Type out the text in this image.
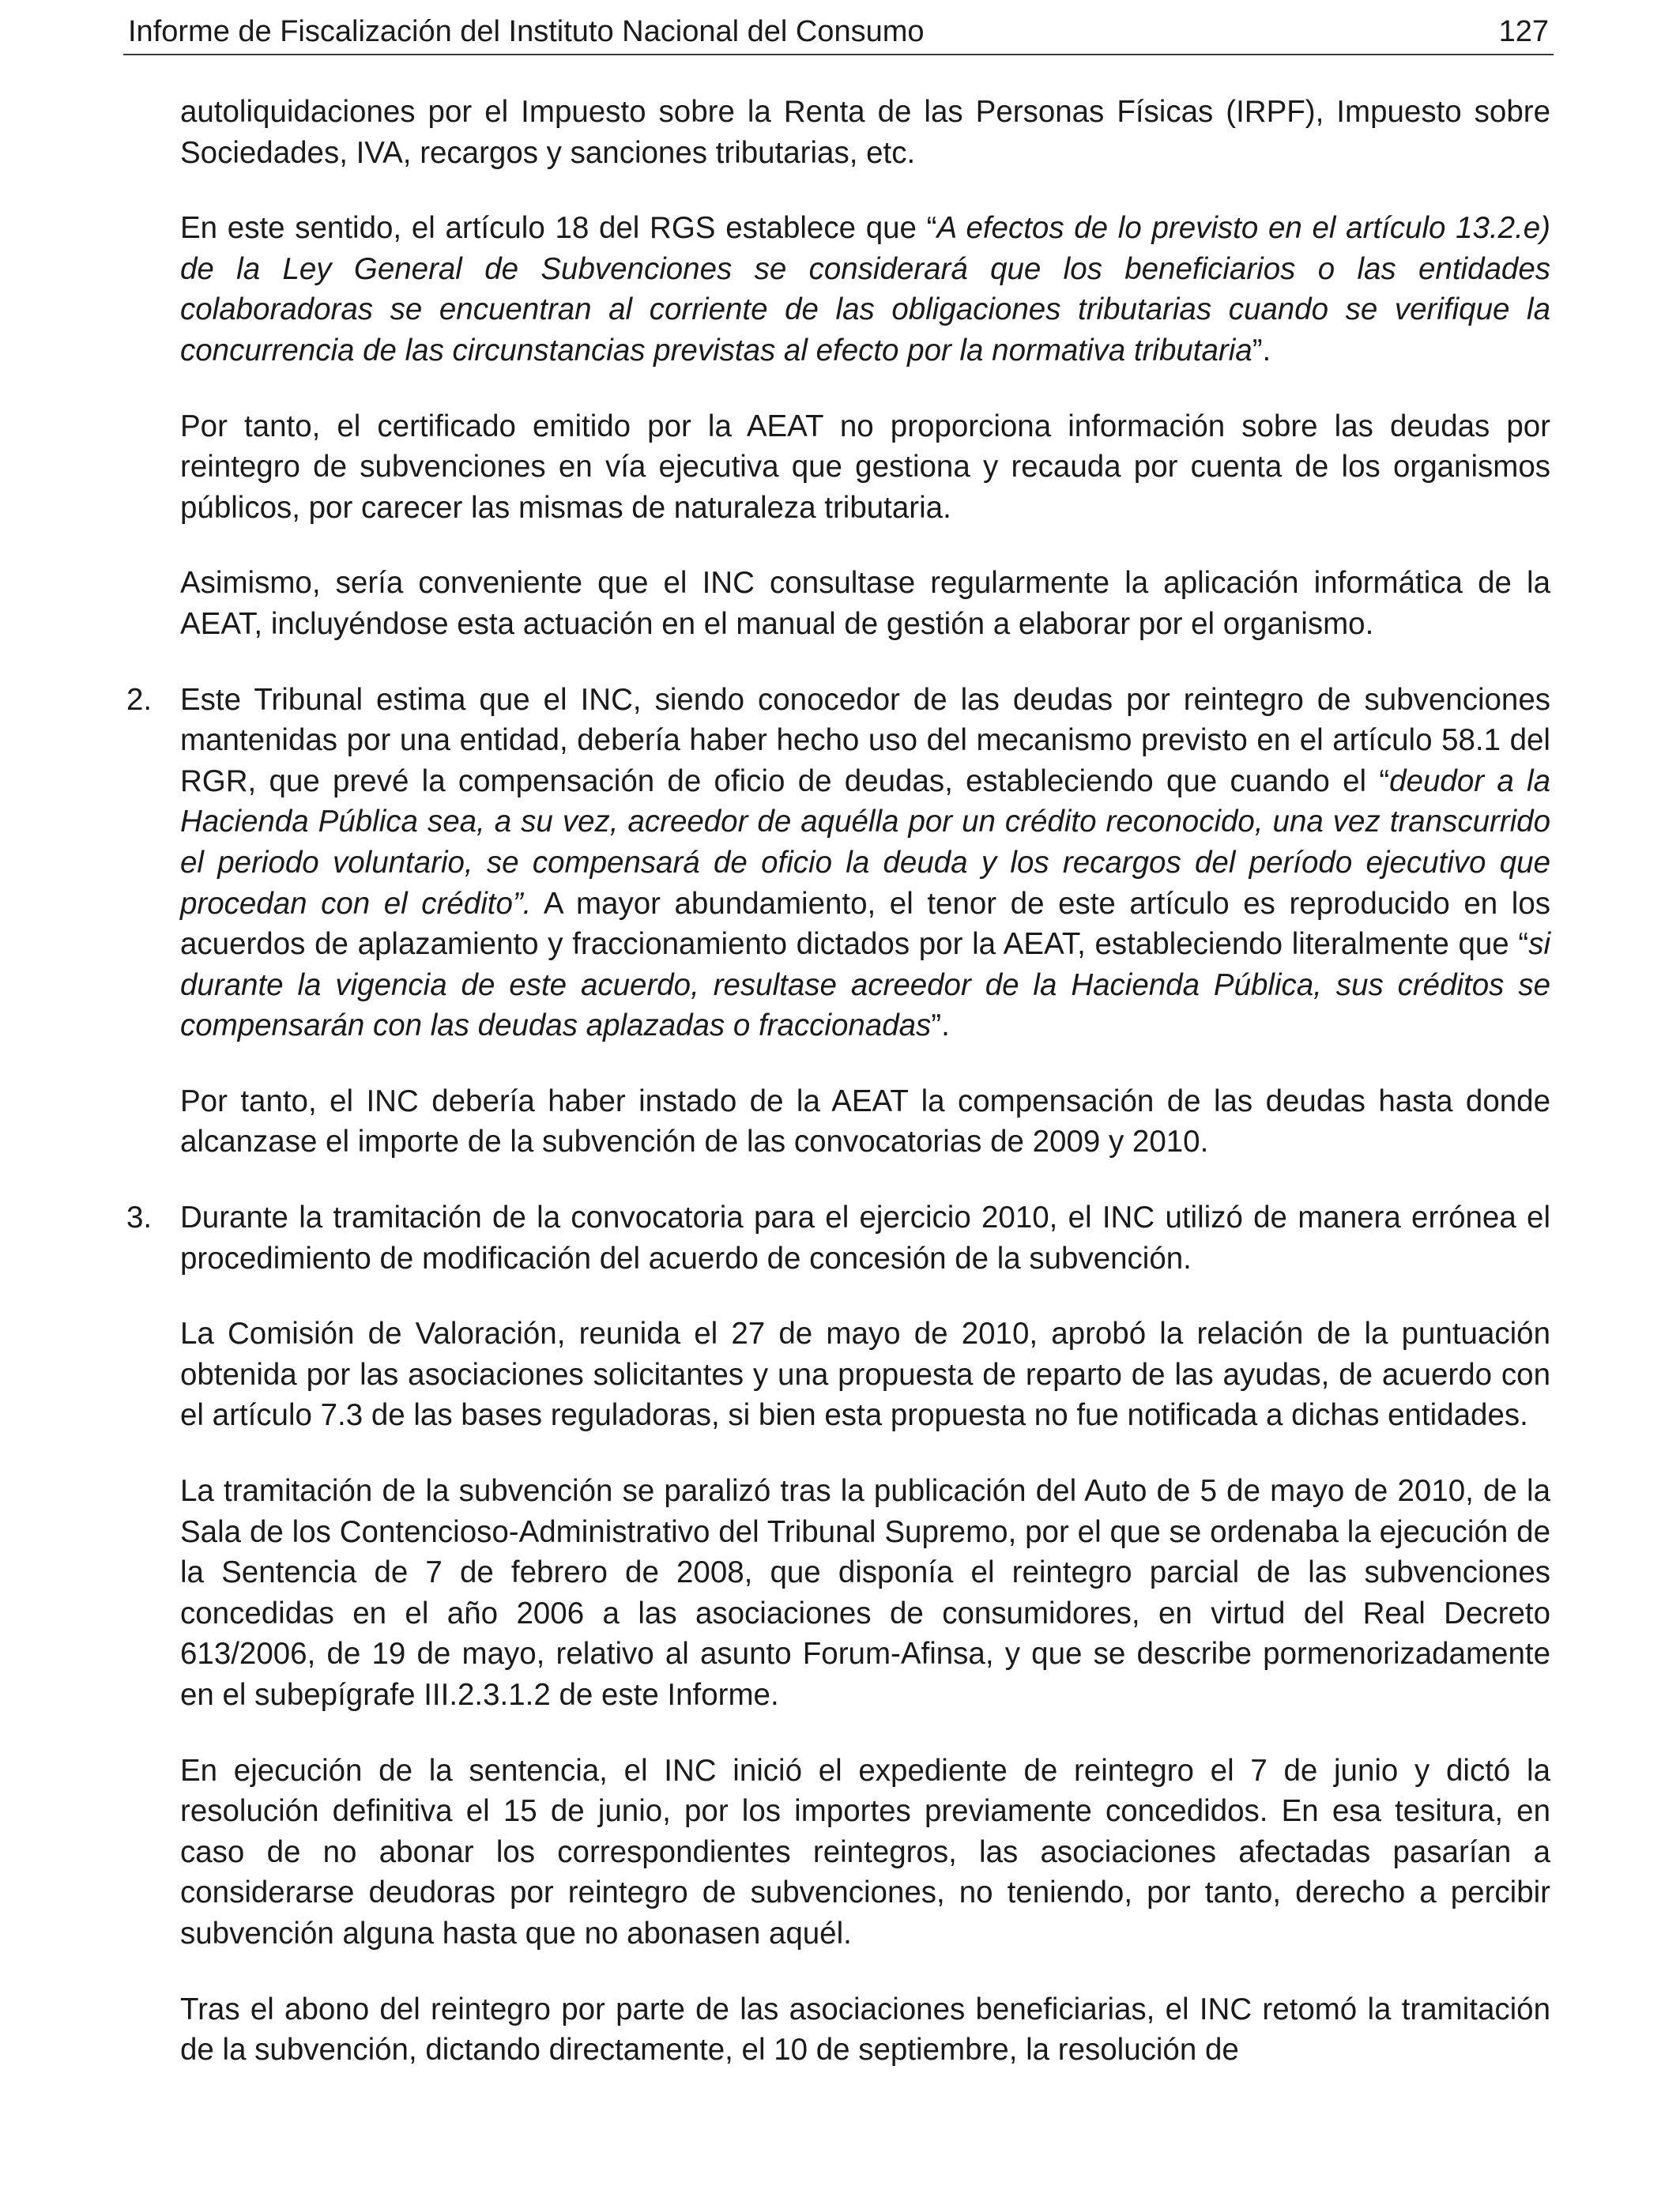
Informe de Fiscalización del Instituto Nacional del Consumo	127

autoliquidaciones por el Impuesto sobre la Renta de las Personas Físicas (IRPF), Impuesto sobre Sociedades, IVA, recargos y sanciones tributarias, etc.

En este sentido, el artículo 18 del RGS establece que “A efectos de lo previsto en el artículo 13.2.e) de la Ley General de Subvenciones se considerará que los beneficiarios o las entidades colaboradoras se encuentran al corriente de las obligaciones tributarias cuando se verifique la concurrencia de las circunstancias previstas al efecto por la normativa tributaria”.

Por tanto, el certificado emitido por la AEAT no proporciona información sobre las deudas por reintegro de subvenciones en vía ejecutiva que gestiona y recauda por cuenta de los organismos públicos, por carecer las mismas de naturaleza tributaria.

Asimismo, sería conveniente que el INC consultase regularmente la aplicación informática de la AEAT, incluyéndose esta actuación en el manual de gestión a elaborar por el organismo.

2. Este Tribunal estima que el INC, siendo conocedor de las deudas por reintegro de subvenciones mantenidas por una entidad, debería haber hecho uso del mecanismo previsto en el artículo 58.1 del RGR, que prevé la compensación de oficio de deudas, estableciendo que cuando el “deudor a la Hacienda Pública sea, a su vez, acreedor de aquélla por un crédito reconocido, una vez transcurrido el periodo voluntario, se compensará de oficio la deuda y los recargos del período ejecutivo que procedan con el crédito”. A mayor abundamiento, el tenor de este artículo es reproducido en los acuerdos de aplazamiento y fraccionamiento dictados por la AEAT, estableciendo literalmente que “si durante la vigencia de este acuerdo, resultase acreedor de la Hacienda Pública, sus créditos se compensarán con las deudas aplazadas o fraccionadas”.

Por tanto, el INC debería haber instado de la AEAT la compensación de las deudas hasta donde alcanzase el importe de la subvención de las convocatorias de 2009 y 2010.

3. Durante la tramitación de la convocatoria para el ejercicio 2010, el INC utilizó de manera errónea el procedimiento de modificación del acuerdo de concesión de la subvención.

La Comisión de Valoración, reunida el 27 de mayo de 2010, aprobó la relación de la puntuación obtenida por las asociaciones solicitantes y una propuesta de reparto de las ayudas, de acuerdo con el artículo 7.3 de las bases reguladoras, si bien esta propuesta no fue notificada a dichas entidades.

La tramitación de la subvención se paralizó tras la publicación del Auto de 5 de mayo de 2010, de la Sala de los Contencioso-Administrativo del Tribunal Supremo, por el que se ordenaba la ejecución de la Sentencia de 7 de febrero de 2008, que disponía el reintegro parcial de las subvenciones concedidas en el año 2006 a las asociaciones de consumidores, en virtud del Real Decreto 613/2006, de 19 de mayo, relativo al asunto Forum-Afinsa, y que se describe pormenorizadamente en el subepígrafe III.2.3.1.2 de este Informe.

En ejecución de la sentencia, el INC inició el expediente de reintegro el 7 de junio y dictó la resolución definitiva el 15 de junio, por los importes previamente concedidos. En esa tesitura, en caso de no abonar los correspondientes reintegros, las asociaciones afectadas pasarían a considerarse deudoras por reintegro de subvenciones, no teniendo, por tanto, derecho a percibir subvención alguna hasta que no abonasen aquél.

Tras el abono del reintegro por parte de las asociaciones beneficiarias, el INC retomó la tramitación de la subvención, dictando directamente, el 10 de septiembre, la resolución de
